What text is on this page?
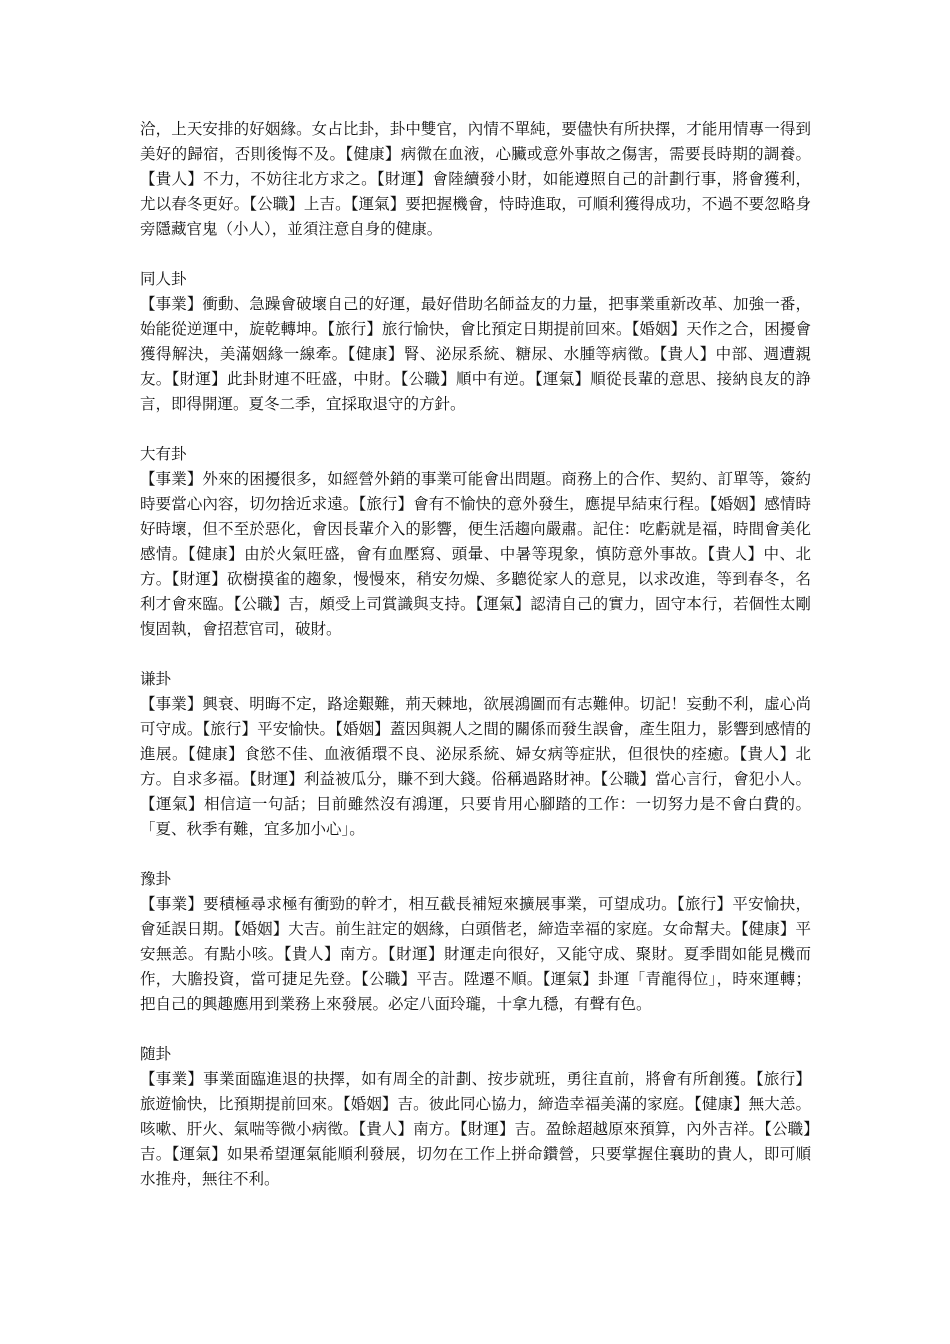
洽，上天安排的好姻緣。女占比卦，卦中雙官，內情不單純，要儘快有所抉擇，才能用情專一得到美好的歸宿，否則後悔不及。【健康】病微在血液，心臟或意外事故之傷害，需要長時期的調養。【貴人】不力，不妨往北方求之。【財運】會陸續發小財，如能遵照自己的計劃行事，將會獲利，尤以春冬更好。【公職】上吉。【運氣】要把握機會，恃時進取，可順利獲得成功，不過不要忽略身旁隱藏官鬼（小人），並須注意自身的健康。

同人卦

【事業】衝動、急躁會破壞自己的好運，最好借助名師益友的力量，把事業重新改革、加強一番，始能從逆運中，旋乾轉坤。【旅行】旅行愉快，會比預定日期提前回來。【婚姻】天作之合，困擾會獲得解決，美滿姻緣一線牽。【健康】腎、泌尿系統、糖尿、水腫等病徵。【貴人】中部、週遭親友。【財運】此卦財連不旺盛，中財。【公職】順中有逆。【運氣】順從長輩的意思、接納良友的諍言，即得開運。夏冬二季，宜採取退守的方針。

大有卦

【事業】外來的困擾很多，如經營外銷的事業可能會出問題。商務上的合作、契約、訂單等，簽約時要當心內容，切勿捨近求遠。【旅行】會有不愉快的意外發生，應提早結束行程。【婚姻】感情時好時壞，但不至於惡化，會因長輩介入的影響，便生活趨向嚴肅。記住：吃虧就是福，時間會美化感情。【健康】由於火氣旺盛，會有血壓寫、頭暈、中暑等現象，慎防意外事故。【貴人】中、北方。【財運】砍樹摸雀的趨象，慢慢來，稍安勿燥、多聽從家人的意見，以求改進，等到春冬，名利才會來臨。【公職】吉，頗受上司賞識與支持。【運氣】認清自己的實力，固守本行，若個性太剛愎固執，會招惹官司，破財。

谦卦

【事業】興衰、明晦不定，路途艱難，荊天棘地，欲展鴻圖而有志難伸。切記！妄動不利，虛心尚可守成。【旅行】平安愉快。【婚姻】蓋因與親人之間的關係而發生誤會，產生阻力，影響到感情的進展。【健康】食慾不佳、血液循環不良、泌尿系統、婦女病等症狀，但很快的痊癒。【貴人】北方。自求多福。【財運】利益被瓜分，賺不到大錢。俗稱過路財神。【公職】當心言行，會犯小人。【運氣】相信這一句話；目前雖然沒有鴻運，只要肯用心腳踏的工作：一切努力是不會白費的。「夏、秋季有難，宜多加小心」。

豫卦

【事業】要積極尋求極有衝勁的幹才，相互截長補短來擴展事業，可望成功。【旅行】平安愉抉，會延誤日期。【婚姻】大吉。前生註定的姻緣，白頭偕老，締造幸福的家庭。女命幫夫。【健康】平安無恙。有點小咳。【貴人】南方。【財運】財運走向很好，又能守成、聚財。夏季間如能見機而作，大膽投資，當可捷足先登。【公職】平吉。陞遷不順。【運氣】卦運「青龍得位」，時來運轉；把自己的興趣應用到業務上來發展。必定八面玲瓏，十拿九穩，有聲有色。

随卦

【事業】事業面臨進退的抉擇，如有周全的計劃、按步就班，勇往直前，將會有所創獲。【旅行】旅遊愉快，比預期提前回來。【婚姻】吉。彼此同心協力，締造幸福美滿的家庭。【健康】無大恙。咳嗽、肝火、氣喘等微小病徵。【貴人】南方。【財運】吉。盈餘超越原來預算，內外吉祥。【公職】吉。【運氣】如果希望運氣能順利發展，切勿在工作上拼命鑽營，只要掌握住襄助的貴人，即可順水推舟，無往不利。
